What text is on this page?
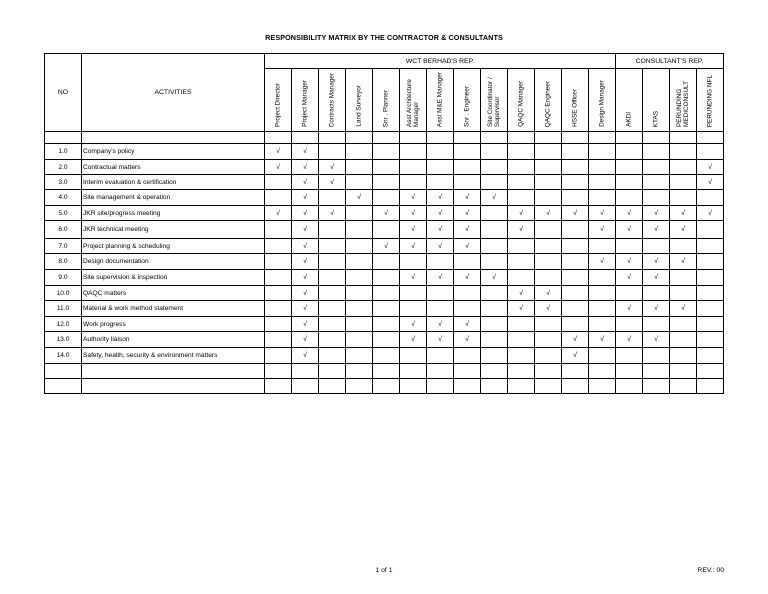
RESPONSIBILITY MATRIX BY THE CONTRACTOR & CONSULTANTS
NO	ACTIVITIES	WCT BERHAD'S REP.													CONSULTANT'S REP.			

		Project Director	Project Manager	Contracts Manager	Land Surveyor	Snr . Planner	Asst Architecture Manager	Asst M&E Manager	Snr . Engineer	Site Coordinator / Supervisor	QAQC Manager	QAQC Engineer	HSSE Officer	Design Manager	AKDI	KTAS	PERUNDING MEDICONSULT	PERUNDING NFL

1.0	Company's policy	√	√															
2.0	Contractual matters	√	√	√														√
3.0	Interim evaluation & certification		√	√														√
4.0	Site management & operation		√		√		√	√	√	√								
5.0	JKR site/progress meeting	√	√	√		√	√	√	√		√	√	√	√	√	√	√	√
6.0	JKR technical meeting		√				√	√	√		√			√	√	√	√	
7.0	Project planning & scheduling		√			√	√	√	√									
8.0	Design documentation		√											√	√	√	√	
9.0	Site supervision & inspection		√				√	√	√	√					√	√		
10.0	QAQC matters		√								√	√						
11.0	Material & work method statement		√								√	√			√	√	√	
12.0	Work progress		√				√	√	√									
13.0	Authority liaison		√				√	√	√				√	√	√	√		
14.0	Safety, health, security & environment matters		√										√					

1 of 1	REV.: 00
